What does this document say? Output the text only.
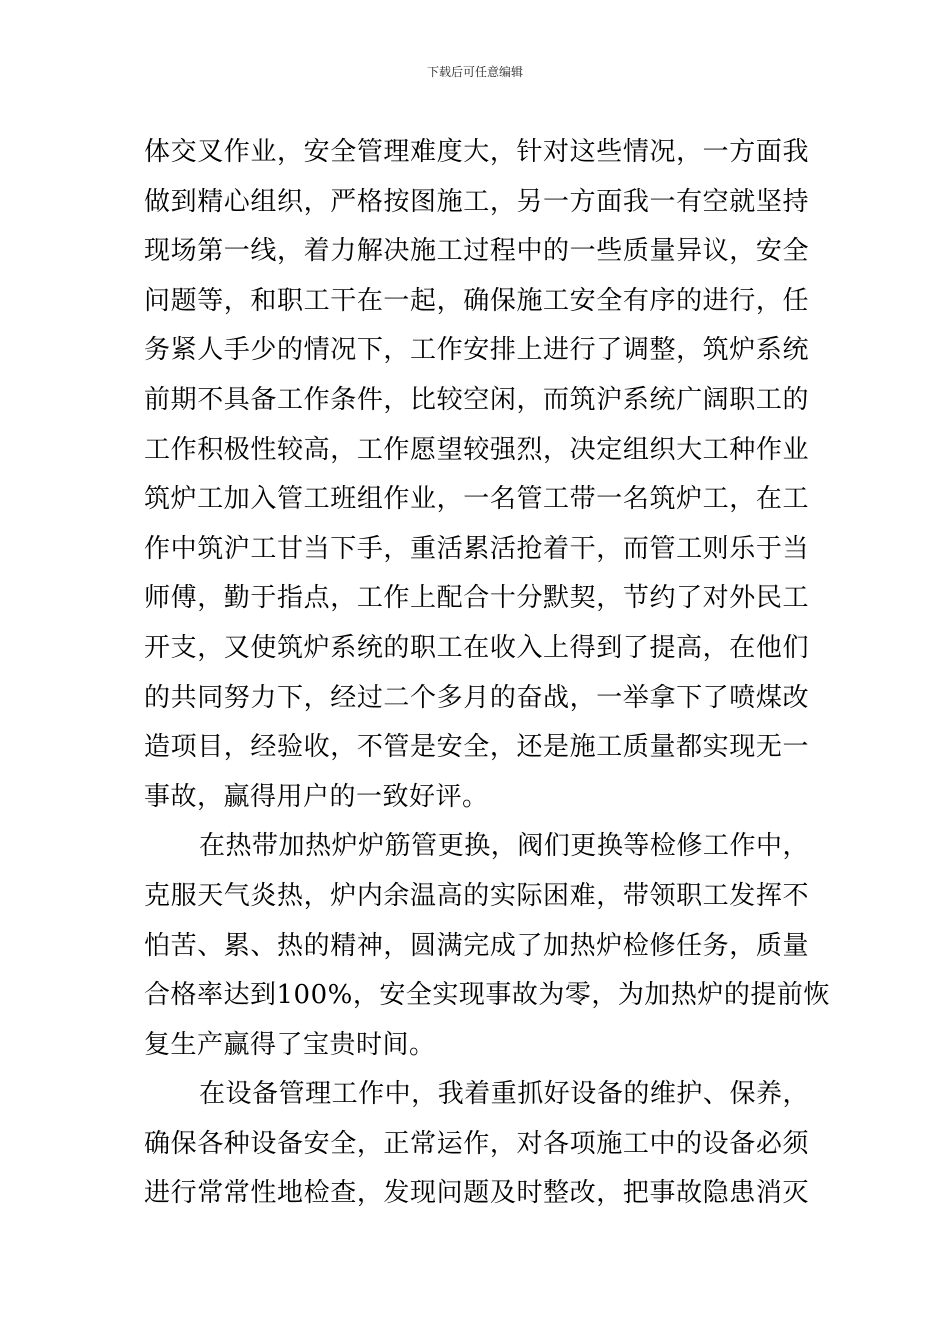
下载后可任意编辑
体交叉作业，安全管理难度大，针对这些情况，一方面我
做到精心组织，严格按图施工，另一方面我一有空就坚持
现场第一线，着力解决施工过程中的一些质量异议，安全
问题等，和职工干在一起，确保施工安全有序的进行，任
务紧人手少的情况下，工作安排上进行了调整，筑炉系统
前期不具备工作条件，比较空闲，而筑沪系统广阔职工的
工作积极性较高，工作愿望较强烈，决定组织大工种作业
筑炉工加入管工班组作业，一名管工带一名筑炉工，在工
作中筑沪工甘当下手，重活累活抢着干，而管工则乐于当
师傅，勤于指点，工作上配合十分默契，节约了对外民工
开支，又使筑炉系统的职工在收入上得到了提高，在他们
的共同努力下，经过二个多月的奋战，一举拿下了喷煤改
造项目，经验收，不管是安全，还是施工质量都实现无一
事故，赢得用户的一致好评。
在热带加热炉炉筋管更换，阀们更换等检修工作中，
克服天气炎热，炉内余温高的实际困难，带领职工发挥不
怕苦、累、热的精神，圆满完成了加热炉检修任务，质量
合格率达到100%，安全实现事故为零，为加热炉的提前恢
复生产赢得了宝贵时间。
在设备管理工作中，我着重抓好设备的维护、保养，
确保各种设备安全，正常运作，对各项施工中的设备必须
进行常常性地检查，发现问题及时整改，把事故隐患消灭
